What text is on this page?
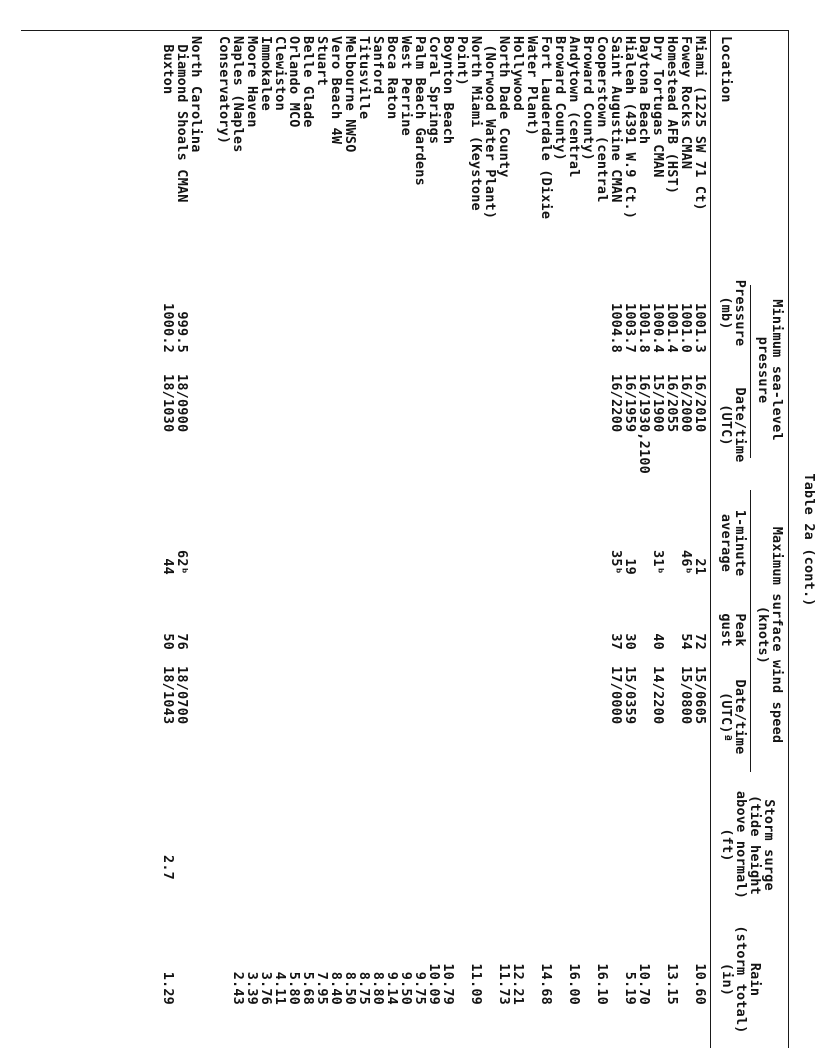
Table 2a (cont.)
Location
Minimum sea-level
pressure
Pressure
(mb)
Date/time
(UTC)
Maximum surface wind speed
(knots)
1-minute
average
Peak
gust
Date/time
(UTC)ª
Storm surge
(tide height
above normal)
(ft)
Rain
(storm total)
(in)
Miami (1225 SW 71 Ct)
1001.3
16/2010
21
72
15/0605
10.60
Fowey Rocks CMAN
1001.0
16/2000
46ᵇ
54
15/0800
Homestead AFB (HST)
1001.4
16/2055
13.15
Dry Tortugas CMAN
1000.4
15/1900
31ᵇ
40
14/2200
Daytona Beach
1001.8
16/1930,2100
10.70
Hialeah (4391 W.9 Ct.)
1003.7
16/1959
19
30
15/0359
5.19
Saint Augustine CMAN
1004.8
16/2200
35ᵇ
37
17/0000
Cooperstown (central
16.10
Broward County)
Andytown (central
16.00
Broward County)
Fort Lauderdale (Dixie
14.68
Water Plant)
Hollywood
12.21
North Dade County
11.73
(Norwood Water Plant)
North Miami (Keystone
11.09
Point)
Boynton Beach
10.79
Coral Springs
10.09
Palm Beach Gardens
9.75
West Perrine
9.50
Boca Raton
9.14
Sanford
8.80
Titusville
8.75
Melbourne NWSO
8.50
Vero Beach 4W
8.40
Stuart
7.95
Belle Glade
5.68
Orlando MCO
5.80
Clewiston
4.11
Immokalee
3.76
Moore Haven
3.39
Naples (Naples
2.43
Conservatory)
North Carolina
Diamond Shoals CMAN
999.5
18/0900
62ᵇ
76
18/0700
Buxton
1000.2
18/1030
44
50
18/1043
2.7
1.29
